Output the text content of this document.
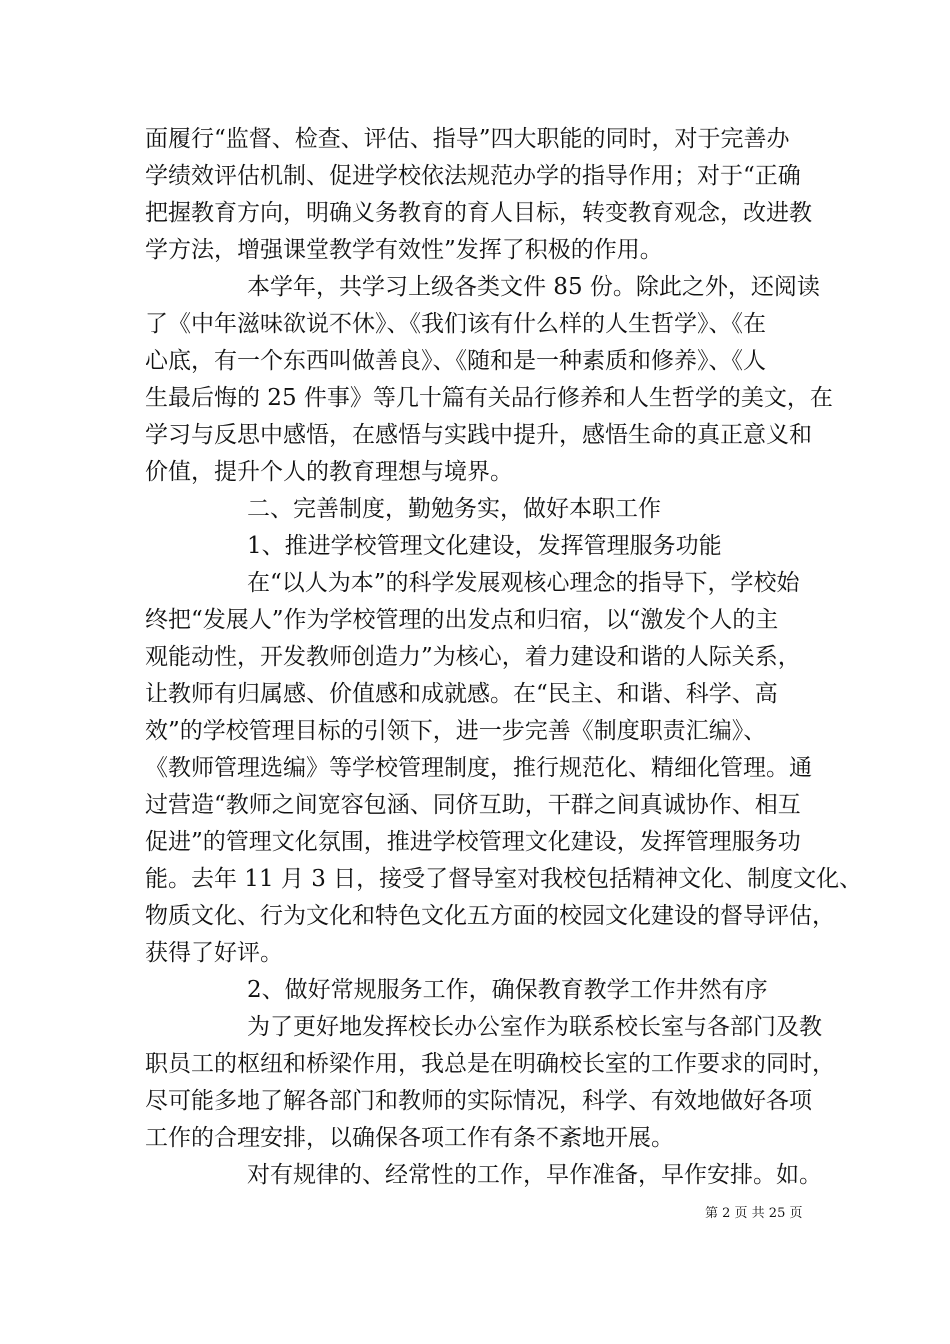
面履行“监督、检查、评估、指导”四大职能的同时，对于完善办
学绩效评估机制、促进学校依法规范办学的指导作用；对于“正确
把握教育方向，明确义务教育的育人目标，转变教育观念，改进教
学方法，增强课堂教学有效性”发挥了积极的作用。
本学年，共学习上级各类文件 85 份。除此之外，还阅读
了《中年滋味欲说不休》、《我们该有什么样的人生哲学》、《在
心底，有一个东西叫做善良》、《随和是一种素质和修养》、《人
生最后悔的 25 件事》等几十篇有关品行修养和人生哲学的美文，在
学习与反思中感悟，在感悟与实践中提升，感悟生命的真正意义和
价值，提升个人的教育理想与境界。
二、完善制度，勤勉务实，做好本职工作
1、推进学校管理文化建设，发挥管理服务功能
在“以人为本”的科学发展观核心理念的指导下，学校始
终把“发展人”作为学校管理的出发点和归宿，以“激发个人的主
观能动性，开发教师创造力”为核心，着力建设和谐的人际关系，
让教师有归属感、价值感和成就感。在“民主、和谐、科学、高
效”的学校管理目标的引领下，进一步完善《制度职责汇编》、
《教师管理选编》等学校管理制度，推行规范化、精细化管理。通
过营造“教师之间宽容包涵、同侪互助，干群之间真诚协作、相互
促进”的管理文化氛围，推进学校管理文化建设，发挥管理服务功
能。去年 11 月 3 日，接受了督导室对我校包括精神文化、制度文化、
物质文化、行为文化和特色文化五方面的校园文化建设的督导评估，
获得了好评。
2、做好常规服务工作，确保教育教学工作井然有序
为了更好地发挥校长办公室作为联系校长室与各部门及教
职员工的枢纽和桥梁作用，我总是在明确校长室的工作要求的同时，
尽可能多地了解各部门和教师的实际情况，科学、有效地做好各项
工作的合理安排，以确保各项工作有条不紊地开展。
对有规律的、经常性的工作，早作准备，早作安排。如。
第 2 页 共 25 页
